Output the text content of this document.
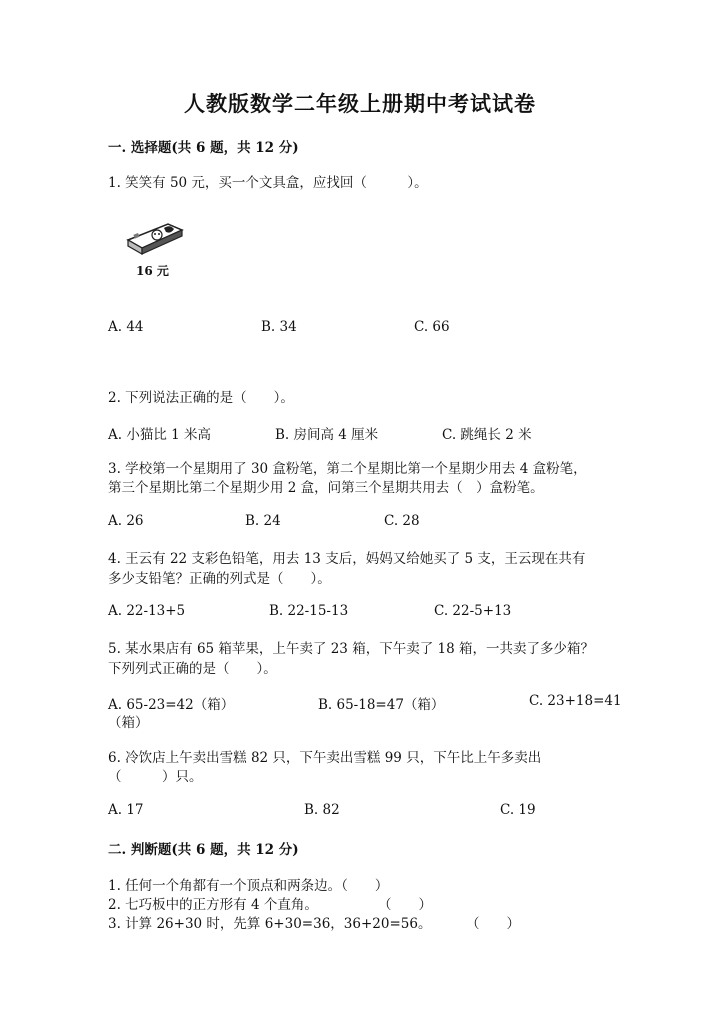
人教版数学二年级上册期中考试试卷
一. 选择题(共 6 题，共 12 分)
1. 笑笑有 50 元，买一个文具盒，应找回（　　　）。
16 元
A. 44	B. 34	C. 66
2. 下列说法正确的是（　　）。
A. 小猫比 1 米高	B. 房间高 4 厘米	C. 跳绳长 2 米
3. 学校第一个星期用了 30 盒粉笔，第二个星期比第一个星期少用去 4 盒粉笔，
第三个星期比第二个星期少用 2 盒，问第三个星期共用去（　）盒粉笔。
A. 26	B. 24	C. 28
4. 王云有 22 支彩色铅笔，用去 13 支后，妈妈又给她买了 5 支，王云现在共有
多少支铅笔？正确的列式是（　　）。
A. 22-13+5	B. 22-15-13	C. 22-5+13
5. 某水果店有 65 箱苹果，上午卖了 23 箱，下午卖了 18 箱，一共卖了多少箱？
下列列式正确的是（　　）。
A. 65-23=42（箱）	B. 65-18=47（箱）	C. 23+18=41
（箱）
6. 冷饮店上午卖出雪糕 82 只，下午卖出雪糕 99 只，下午比上午多卖出
（　　　）只。
A. 17	B. 82	C. 19
二. 判断题(共 6 题，共 12 分)
1. 任何一个角都有一个顶点和两条边。（　　）
2. 七巧板中的正方形有 4 个直角。	（　　）
3. 计算 26+30 时，先算 6+30=36，36+20=56。	（　　）
